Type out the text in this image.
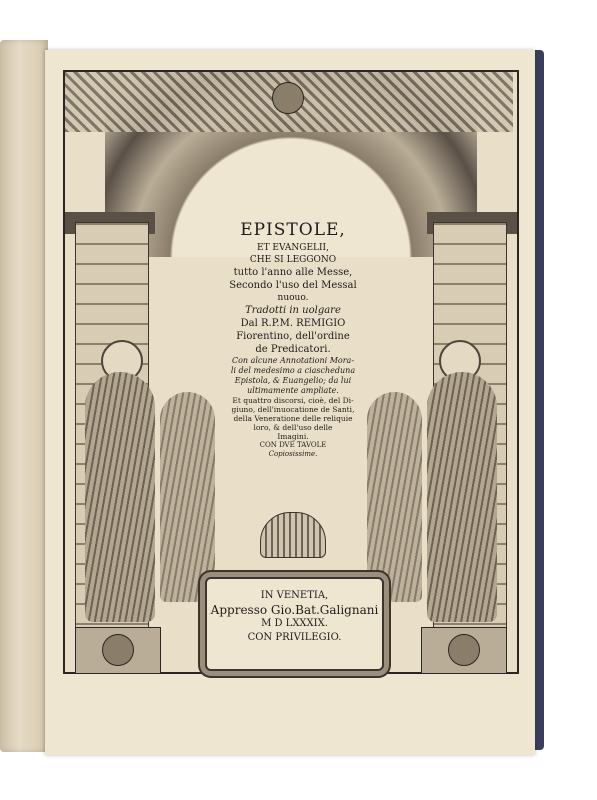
EPISTOLE,
ET EVANGELII,
CHE SI LEGGONO
tutto l'anno alle Messe,
Secondo l'uso del Messal
nuouo.
Tradotti in uolgare
Dal R.P.M. REMIGIO
Fiorentino, dell'ordine
de Predicatori.
Con alcune Annotationi Mora-
li del medesimo a ciascheduna
Epistola, & Euangelio; da lui
ultimamente ampliate.
Et quattro discorsi, cioè, del Di-
giuno, dell'inuocatione de Santi,
della Veneratione delle reliquie
loro, & dell'uso delle
Imagini.
CON DVE TAVOLE
Copiosissime.
IN VENETIA,
Appresso Gio.Bat.Galignani
M D LXXXIX.
CON PRIVILEGIO.
